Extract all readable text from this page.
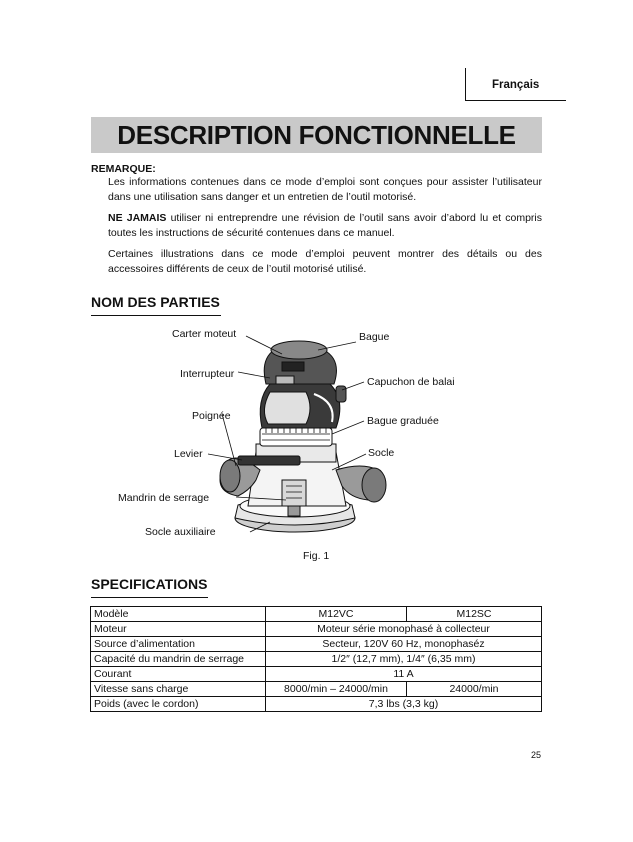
Français
DESCRIPTION FONCTIONNELLE
REMARQUE:

Les informations contenues dans ce mode d’emploi sont conçues pour assister l’utilisateur dans une utilisation sans danger et un entretien de l’outil motorisé.

NE JAMAIS utiliser ni entreprendre une révision de l’outil sans avoir d’abord lu et compris toutes les instructions de sécurité contenues dans ce manuel.

Certaines illustrations dans ce mode d’emploi peuvent montrer des détails ou des accessoires différents de ceux de l’outil motorisé utilisé.

NOM DES PARTIES
Carter moteut
Interrupteur
Poignée
Levier
Mandrin de serrage
Socle auxiliaire
Bague
Capuchon de balai
Bague graduée
Socle
Fig. 1
SPECIFICATIONS
Modèle	M12VC	M12SC
Moteur	Moteur série monophasé à collecteur	
Source d’alimentation	Secteur, 120V 60 Hz, monophaséz	
Capacité du mandrin de serrage	1/2″ (12,7 mm), 1/4″ (6,35 mm)	
Courant	11 A	
Vitesse sans charge	8000/min – 24000/min	24000/min
Poids (avec le cordon)	7,3 lbs (3,3 kg)	
25
